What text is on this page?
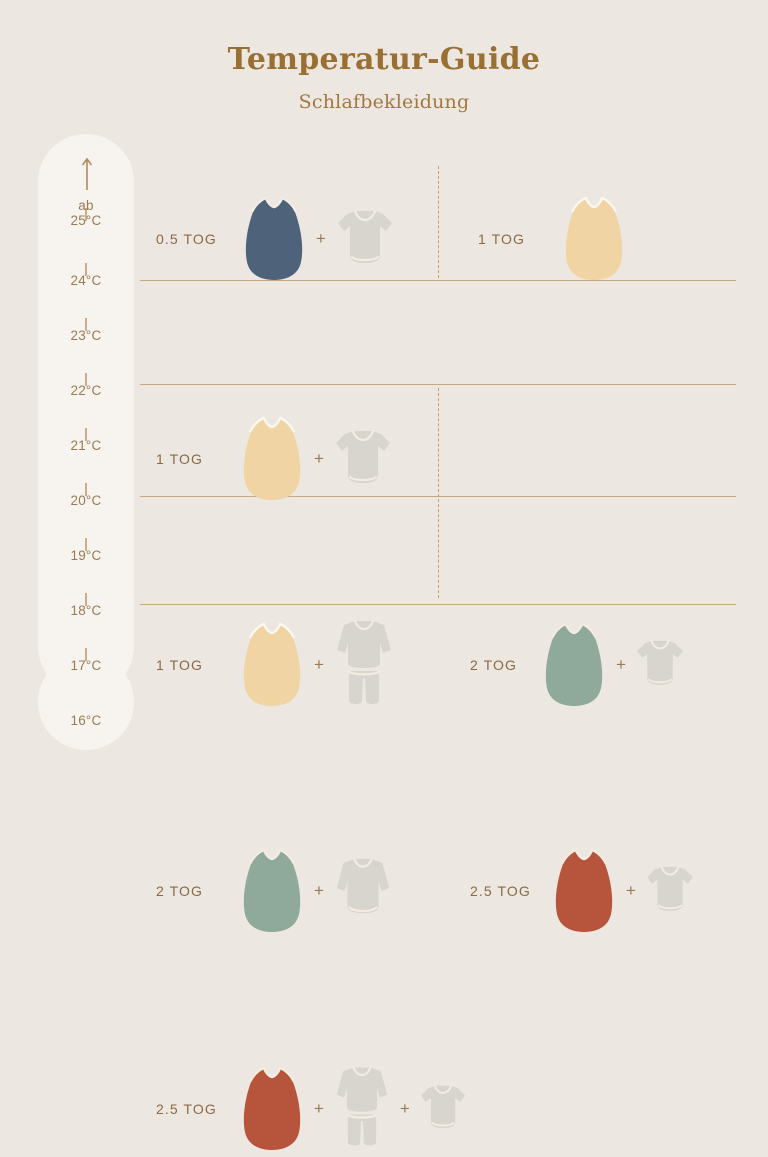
Temperatur-Guide
Schlafbekleidung
ab
25°C
24°C
23°C
22°C
21°C
20°C
19°C
18°C
17°C
16°C
0.5 TOG	+	1 TOG
1 TOG	+
1 TOG	+	2 TOG	+
2 TOG	+	2.5 TOG	+
2.5 TOG	+	+
